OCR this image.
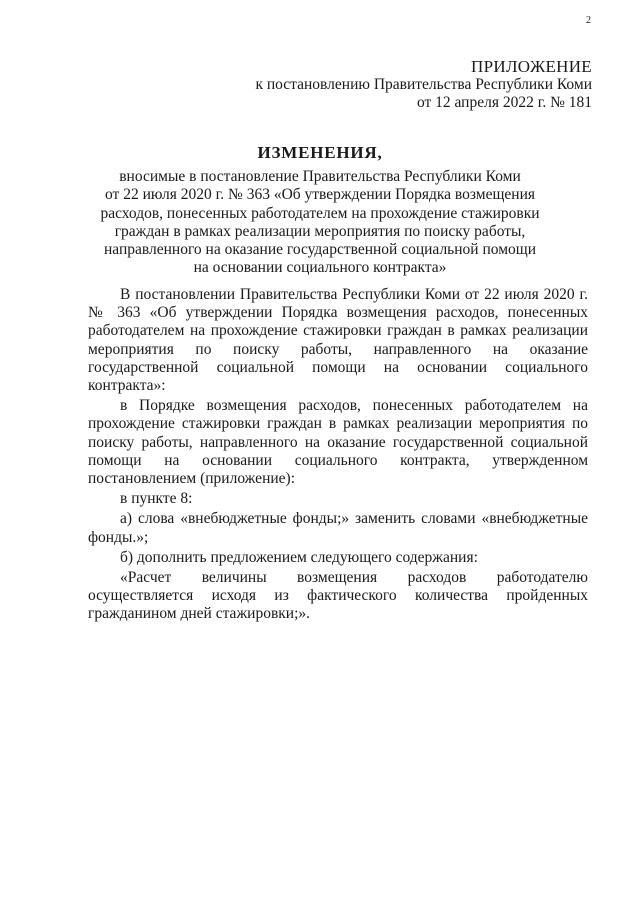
2
ПРИЛОЖЕНИЕ
к постановлению Правительства Республики Коми
от 12 апреля 2022 г. № 181
ИЗМЕНЕНИЯ,
вносимые в постановление Правительства Республики Коми
от 22 июля 2020 г. № 363 «Об утверждении Порядка возмещения
расходов, понесенных работодателем на прохождение стажировки
граждан в рамках реализации мероприятия по поиску работы,
направленного на оказание государственной социальной помощи
на основании социального контракта»

В постановлении Правительства Республики Коми от 22 июля 2020 г. № 363 «Об утверждении Порядка возмещения расходов, понесенных работодателем на прохождение стажировки граждан в рамках реализации мероприятия по поиску работы, направленного на оказание государственной социальной помощи на основании социального контракта»:

в Порядке возмещения расходов, понесенных работодателем на прохождение стажировки граждан в рамках реализации мероприятия по поиску работы, направленного на оказание государственной социальной помощи на основании социального контракта, утвержденном постановлением (приложение):

в пункте 8:

а) слова «внебюджетные фонды;» заменить словами «внебюджетные фонды.»;

б) дополнить предложением следующего содержания:

«Расчет величины возмещения расходов работодателю осуществляется исходя из фактического количества пройденных гражданином дней стажировки;».
